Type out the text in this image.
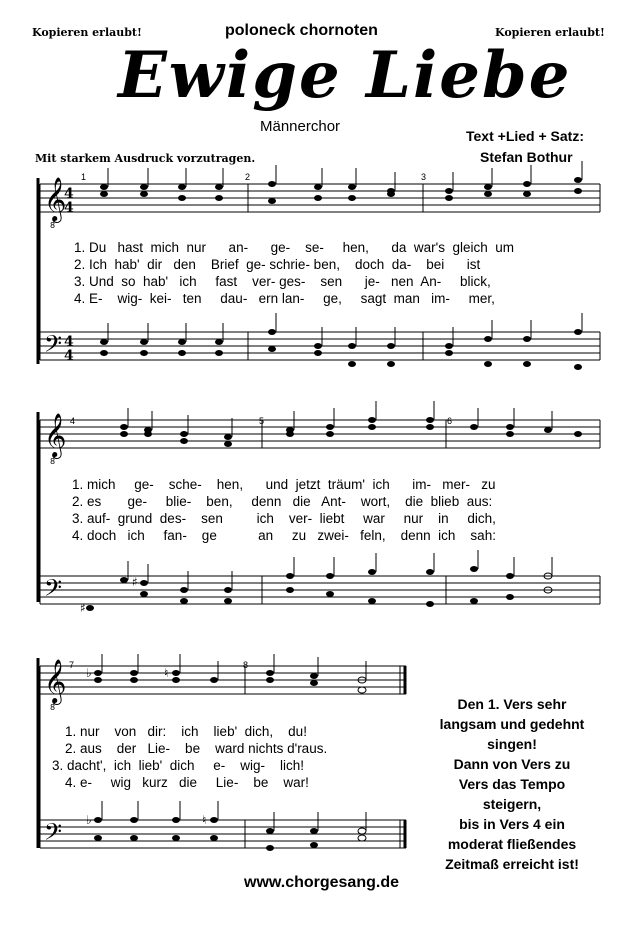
Kopieren erlaubt!	poloneck chornoten	Kopieren erlaubt!
Ewige Liebe
Männerchor
Text +Lied + Satz:
Stefan Bothur
Mit starkem Ausdruck vorzutragen.
𝄞
8
𝄢
4
4
4
4
1	2	3
1. Du   hast  mich  nur      an-      ge-    se-     hen,      da  war's  gleich  um
2. Ich  hab'  dir   den    Brief  ge- schrie- ben,    doch  da-    bei      ist
3. Und  so  hab'   ich     fast    ver- ges-    sen      je-   nen  An-     blick,
4. E-    wig-  kei-   ten     dau-   ern lan-     ge,     sagt  man   im-     mer,
𝄞
8
𝄢	♯
♯
4	5	6
1. mich     ge-    sche-    hen,      und  jetzt  träum'  ich      im-   mer-   zu
2. es       ge-     blie-    ben,     denn   die   Ant-    wort,    die  blieb  aus:
3. auf-  grund  des-    sen         ich    ver-  liebt     war     nur    in     dich,
4. doch   ich     fan-    ge           an     zu   zwei-   feln,    denn  ich    sah:
𝄞
8
𝄢
♭	♮
♭	♮
7	8
1. nur    von   dir:    ich    lieb'  dich,    du!
2. aus    der   Lie-    be    ward nichts d'raus.
3. dacht',  ich  lieb'  dich     e-    wig-    lich!
4. e-     wig   kurz   die     Lie-    be    war!
Den 1. Vers sehr
langsam und gedehnt
singen!
Dann von Vers zu
Vers das Tempo
steigern,
bis in Vers 4 ein
moderat fließendes
Zeitmaß erreicht ist!
www.chorgesang.de
